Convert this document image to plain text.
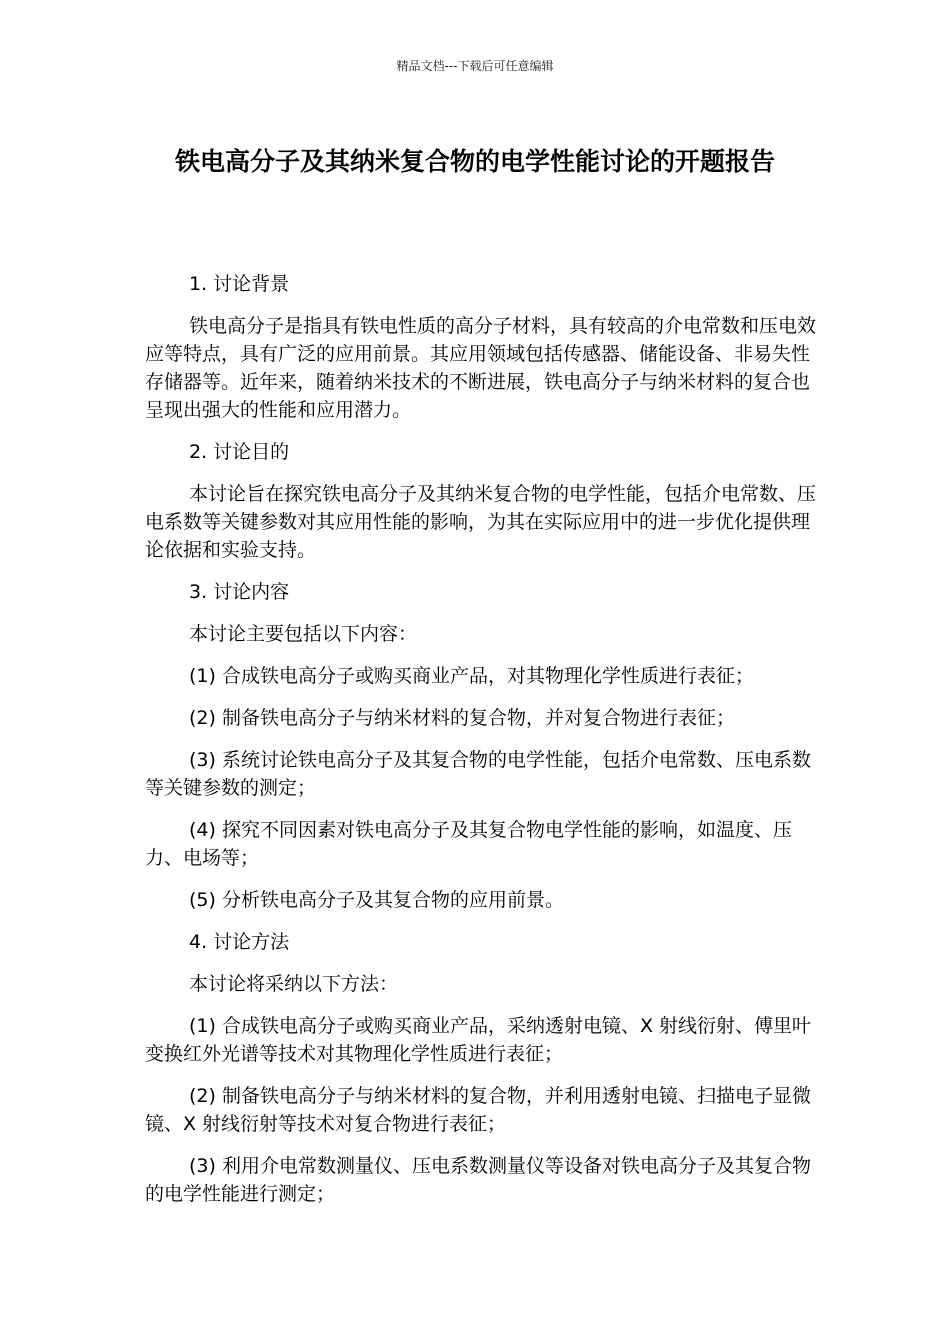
精品文档---下载后可任意编辑
铁电高分子及其纳米复合物的电学性能讨论的开题报告

1. 讨论背景

铁电高分子是指具有铁电性质的高分子材料，具有较高的介电常数和压电效应等特点，具有广泛的应用前景。其应用领域包括传感器、储能设备、非易失性存储器等。近年来，随着纳米技术的不断进展，铁电高分子与纳米材料的复合也呈现出强大的性能和应用潜力。

2. 讨论目的

本讨论旨在探究铁电高分子及其纳米复合物的电学性能，包括介电常数、压电系数等关键参数对其应用性能的影响，为其在实际应用中的进一步优化提供理论依据和实验支持。

3. 讨论内容

本讨论主要包括以下内容：

(1) 合成铁电高分子或购买商业产品，对其物理化学性质进行表征；

(2) 制备铁电高分子与纳米材料的复合物，并对复合物进行表征；

(3) 系统讨论铁电高分子及其复合物的电学性能，包括介电常数、压电系数等关键参数的测定；

(4) 探究不同因素对铁电高分子及其复合物电学性能的影响，如温度、压力、电场等；

(5) 分析铁电高分子及其复合物的应用前景。

4. 讨论方法

本讨论将采纳以下方法：

(1) 合成铁电高分子或购买商业产品，采纳透射电镜、X 射线衍射、傅里叶变换红外光谱等技术对其物理化学性质进行表征；

(2) 制备铁电高分子与纳米材料的复合物，并利用透射电镜、扫描电子显微镜、X 射线衍射等技术对复合物进行表征；

(3) 利用介电常数测量仪、压电系数测量仪等设备对铁电高分子及其复合物的电学性能进行测定；
